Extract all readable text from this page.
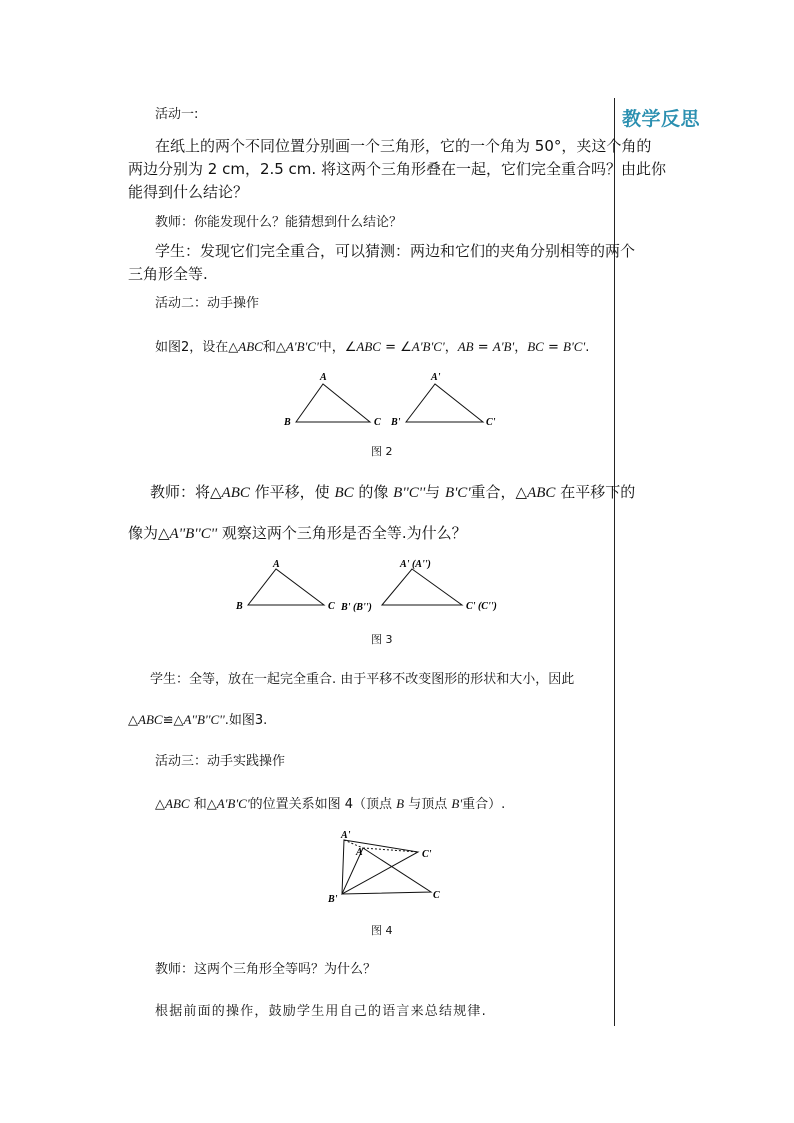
教学反思
活动一:
在纸上的两个不同位置分别画一个三角形，它的一个角为 50°，夹这个角的
两边分别为 2 cm，2.5 cm. 将这两个三角形叠在一起，它们完全重合吗？由此你
能得到什么结论？
教师：你能发现什么？能猜想到什么结论？
学生：发现它们完全重合，可以猜测：两边和它们的夹角分别相等的两个
三角形全等.
活动二：动手操作
如图2，设在△ABC和△A'B'C'中，∠ABC = ∠A'B'C'，AB = A'B'，BC = B'C'.
A
B	C
A'
B'	C'
图 2
教师：将△ABC 作平移，使 BC 的像 B''C''与 B'C'重合，△ABC 在平移下的
像为△A''B''C'' 观察这两个三角形是否全等.为什么？
A
B	C
A' (A'')
B' (B'')	C' (C'')
图 3
学生：全等，放在一起完全重合. 由于平移不改变图形的形状和大小，因此
△ABC≌△A''B''C''.如图3.
活动三：动手实践操作
△ABC 和△A'B'C'的位置关系如图 4（顶点 B 与顶点 B'重合）.
A'
A	C'
C
B'
图 4
教师：这两个三角形全等吗？为什么？
根据前面的操作，鼓励学生用自己的语言来总结规律.
